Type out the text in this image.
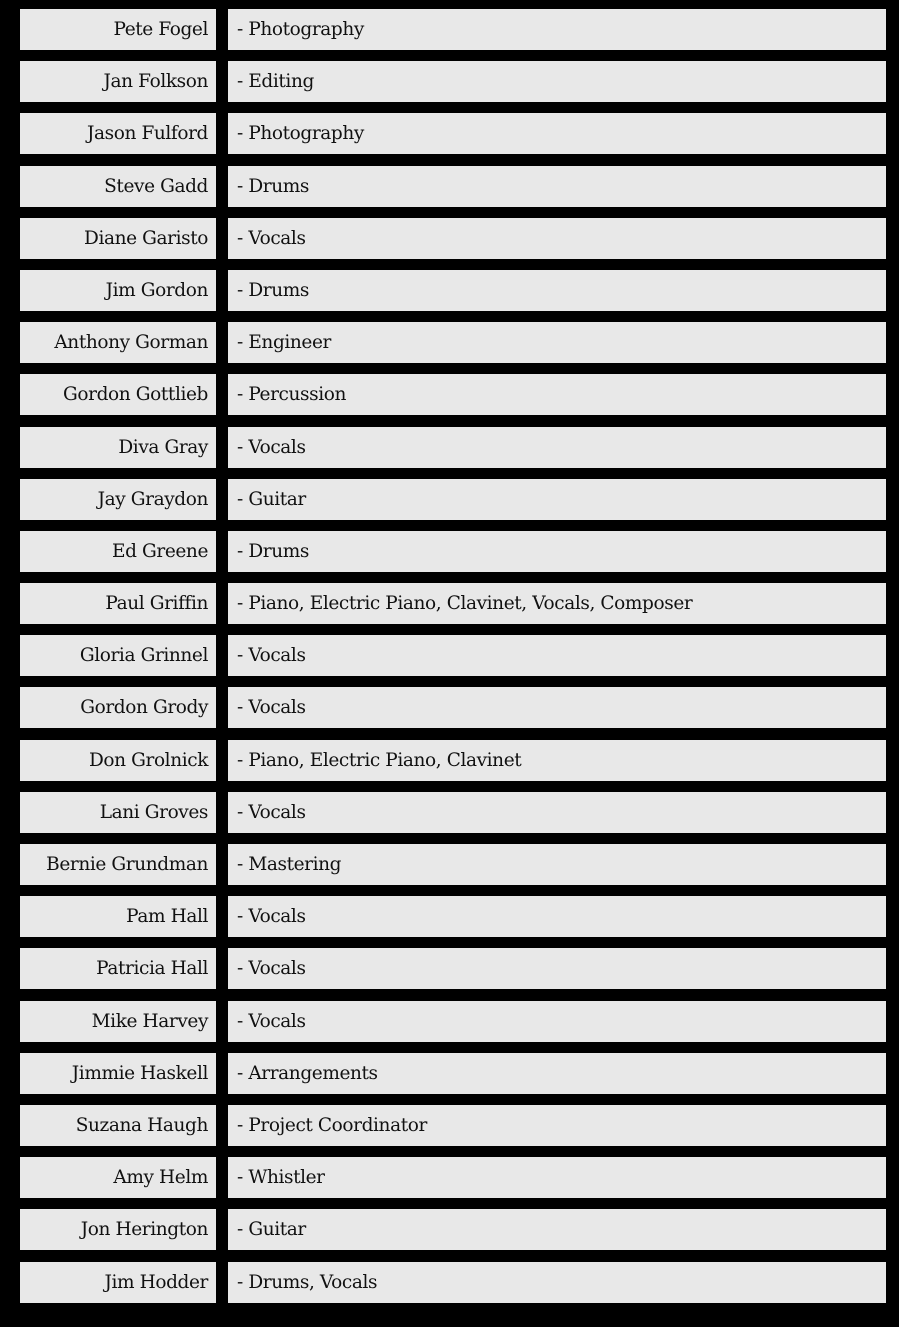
Pete Fogel	- Photography
Jan Folkson	- Editing
Jason Fulford	- Photography
Steve Gadd	- Drums
Diane Garisto	- Vocals
Jim Gordon	- Drums
Anthony Gorman	- Engineer
Gordon Gottlieb	- Percussion
Diva Gray	- Vocals
Jay Graydon	- Guitar
Ed Greene	- Drums
Paul Griffin	- Piano, Electric Piano, Clavinet, Vocals, Composer
Gloria Grinnel	- Vocals
Gordon Grody	- Vocals
Don Grolnick	- Piano, Electric Piano, Clavinet
Lani Groves	- Vocals
Bernie Grundman	- Mastering
Pam Hall	- Vocals
Patricia Hall	- Vocals
Mike Harvey	- Vocals
Jimmie Haskell	- Arrangements
Suzana Haugh	- Project Coordinator
Amy Helm	- Whistler
Jon Herington	- Guitar
Jim Hodder	- Drums, Vocals
